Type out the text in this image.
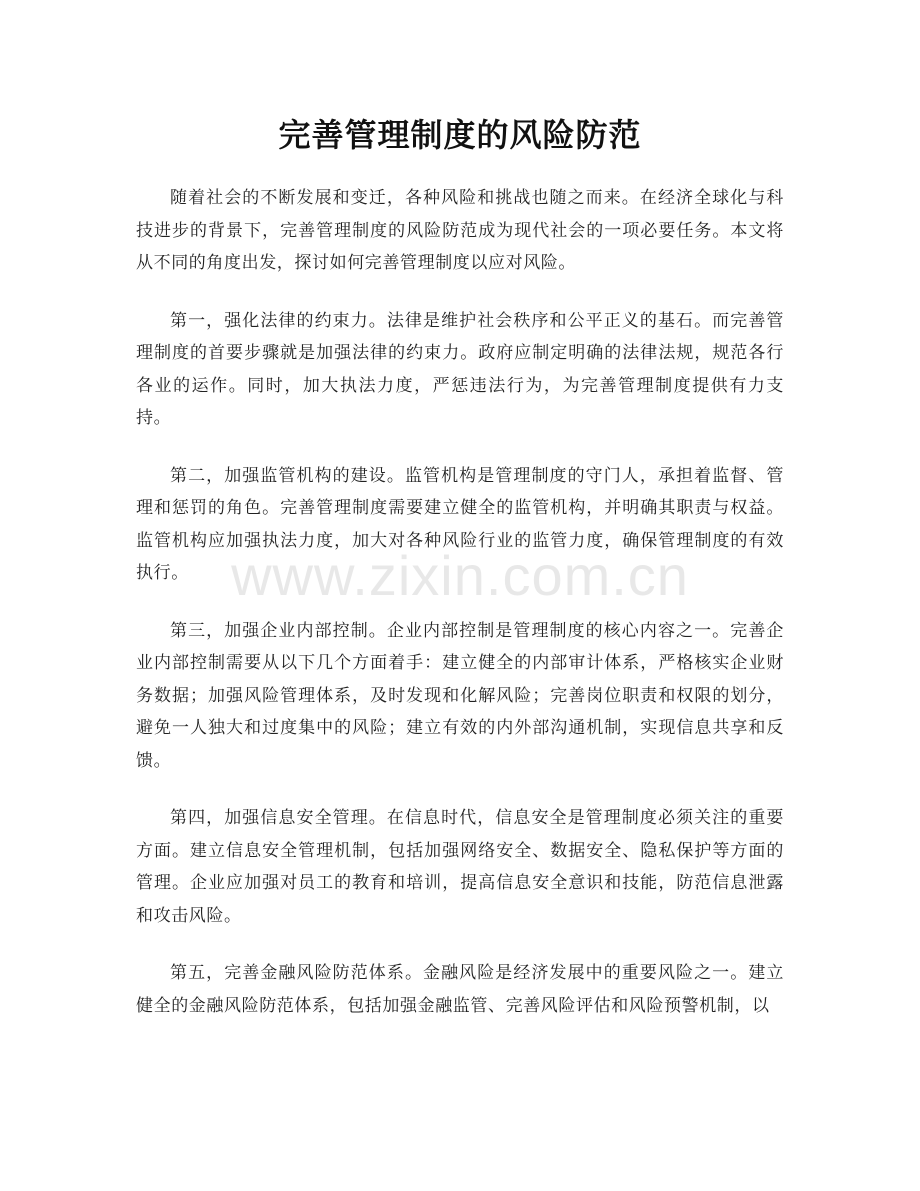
完善管理制度的风险防范

随着社会的不断发展和变迁，各种风险和挑战也随之而来。在经济全球化与科技进步的背景下，完善管理制度的风险防范成为现代社会的一项必要任务。本文将从不同的角度出发，探讨如何完善管理制度以应对风险。

第一，强化法律的约束力。法律是维护社会秩序和公平正义的基石。而完善管理制度的首要步骤就是加强法律的约束力。政府应制定明确的法律法规，规范各行各业的运作。同时，加大执法力度，严惩违法行为，为完善管理制度提供有力支持。

第二，加强监管机构的建设。监管机构是管理制度的守门人，承担着监督、管理和惩罚的角色。完善管理制度需要建立健全的监管机构，并明确其职责与权益。监管机构应加强执法力度，加大对各种风险行业的监管力度，确保管理制度的有效执行。

第三，加强企业内部控制。企业内部控制是管理制度的核心内容之一。完善企业内部控制需要从以下几个方面着手：建立健全的内部审计体系，严格核实企业财务数据；加强风险管理体系，及时发现和化解风险；完善岗位职责和权限的划分，避免一人独大和过度集中的风险；建立有效的内外部沟通机制，实现信息共享和反馈。

第四，加强信息安全管理。在信息时代，信息安全是管理制度必须关注的重要方面。建立信息安全管理机制，包括加强网络安全、数据安全、隐私保护等方面的管理。企业应加强对员工的教育和培训，提高信息安全意识和技能，防范信息泄露和攻击风险。

第五，完善金融风险防范体系。金融风险是经济发展中的重要风险之一。建立健全的金融风险防范体系，包括加强金融监管、完善风险评估和风险预警机制，以

www.zixin.com.cn
